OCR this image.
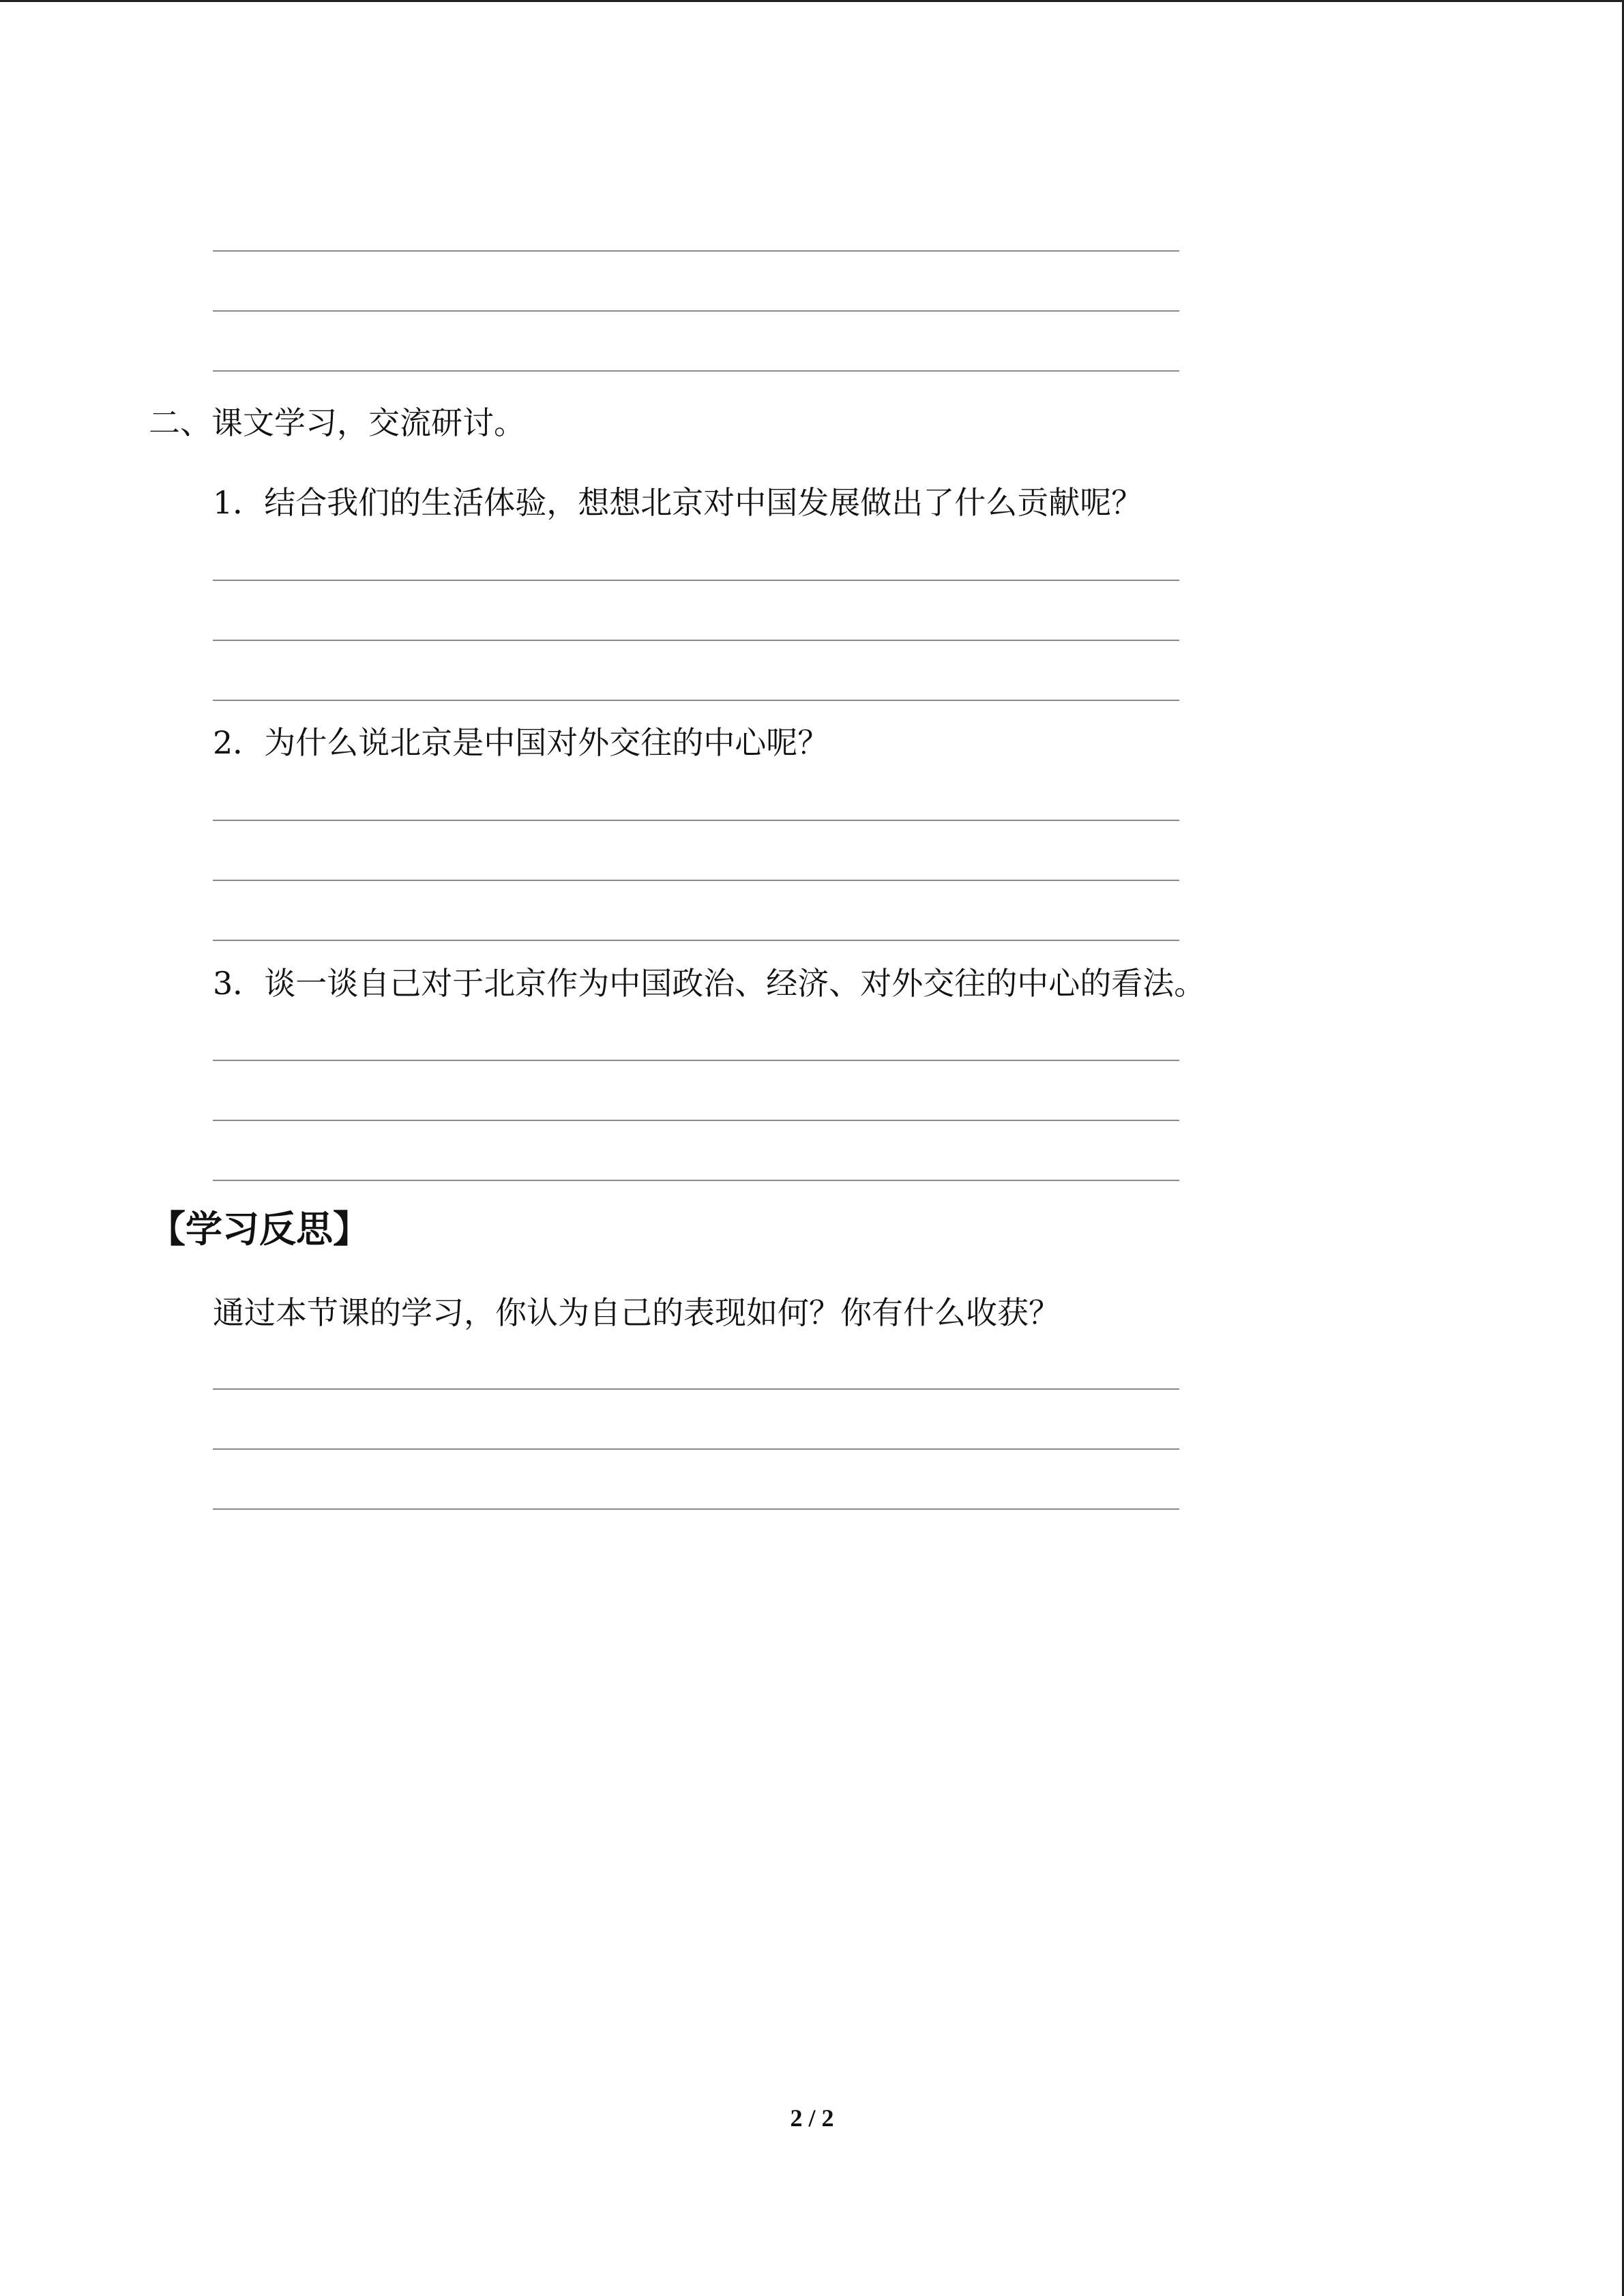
二、课文学习，交流研讨。
1．结合我们的生活体验，想想北京对中国发展做出了什么贡献呢？
2．为什么说北京是中国对外交往的中心呢？
3．谈一谈自己对于北京作为中国政治、经济、对外交往的中心的看法。
【学习反思】
通过本节课的学习，你认为自己的表现如何？你有什么收获？
2 / 2
